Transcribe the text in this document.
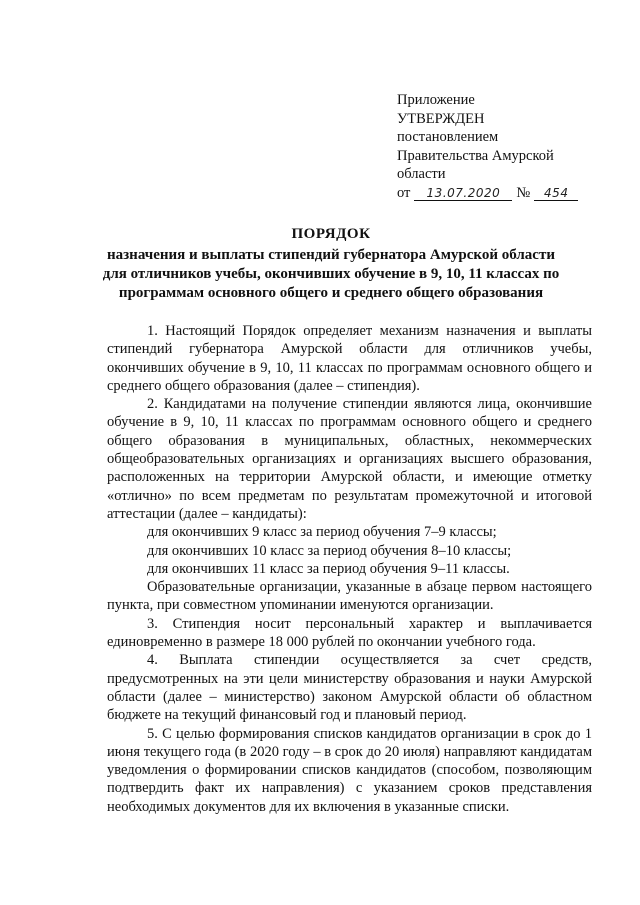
Приложение
УТВЕРЖДЕН
постановлением
Правительства Амурской
области
от	13.07.2020	№	454
ПОРЯДОК
назначения и выплаты стипендий губернатора Амурской области для отличников учебы, окончивших обучение в 9, 10, 11 классах по программам основного общего и среднего общего образования

1. Настоящий Порядок определяет механизм назначения и выплаты стипендий губернатора Амурской области для отличников учебы, окончивших обучение в 9, 10, 11 классах по программам основного общего и среднего общего образования (далее – стипендия).

2. Кандидатами на получение стипендии являются лица, окончившие обучение в 9, 10, 11 классах по программам основного общего и среднего общего образования в муниципальных, областных, некоммерческих общеобразовательных организациях и организациях высшего образования, расположенных на территории Амурской области, и имеющие отметку «отлично» по всем предметам по результатам промежуточной и итоговой аттестации (далее – кандидаты):

для окончивших 9 класс за период обучения 7–9 классы;

для окончивших 10 класс за период обучения 8–10 классы;

для окончивших 11 класс за период обучения 9–11 классы.

Образовательные организации, указанные в абзаце первом настоящего пункта, при совместном упоминании именуются организации.

3. Стипендия носит персональный характер и выплачивается единовременно в размере 18 000 рублей по окончании учебного года.

4. Выплата стипендии осуществляется за счет средств, предусмотренных на эти цели министерству образования и науки Амурской области (далее – министерство) законом Амурской области об областном бюджете на текущий финансовый год и плановый период.

5. С целью формирования списков кандидатов организации в срок до 1 июня текущего года (в 2020 году – в срок до 20 июля) направляют кандидатам уведомления о формировании списков кандидатов (способом, позволяющим подтвердить факт их направления) с указанием сроков представления необходимых документов для их включения в указанные списки.
